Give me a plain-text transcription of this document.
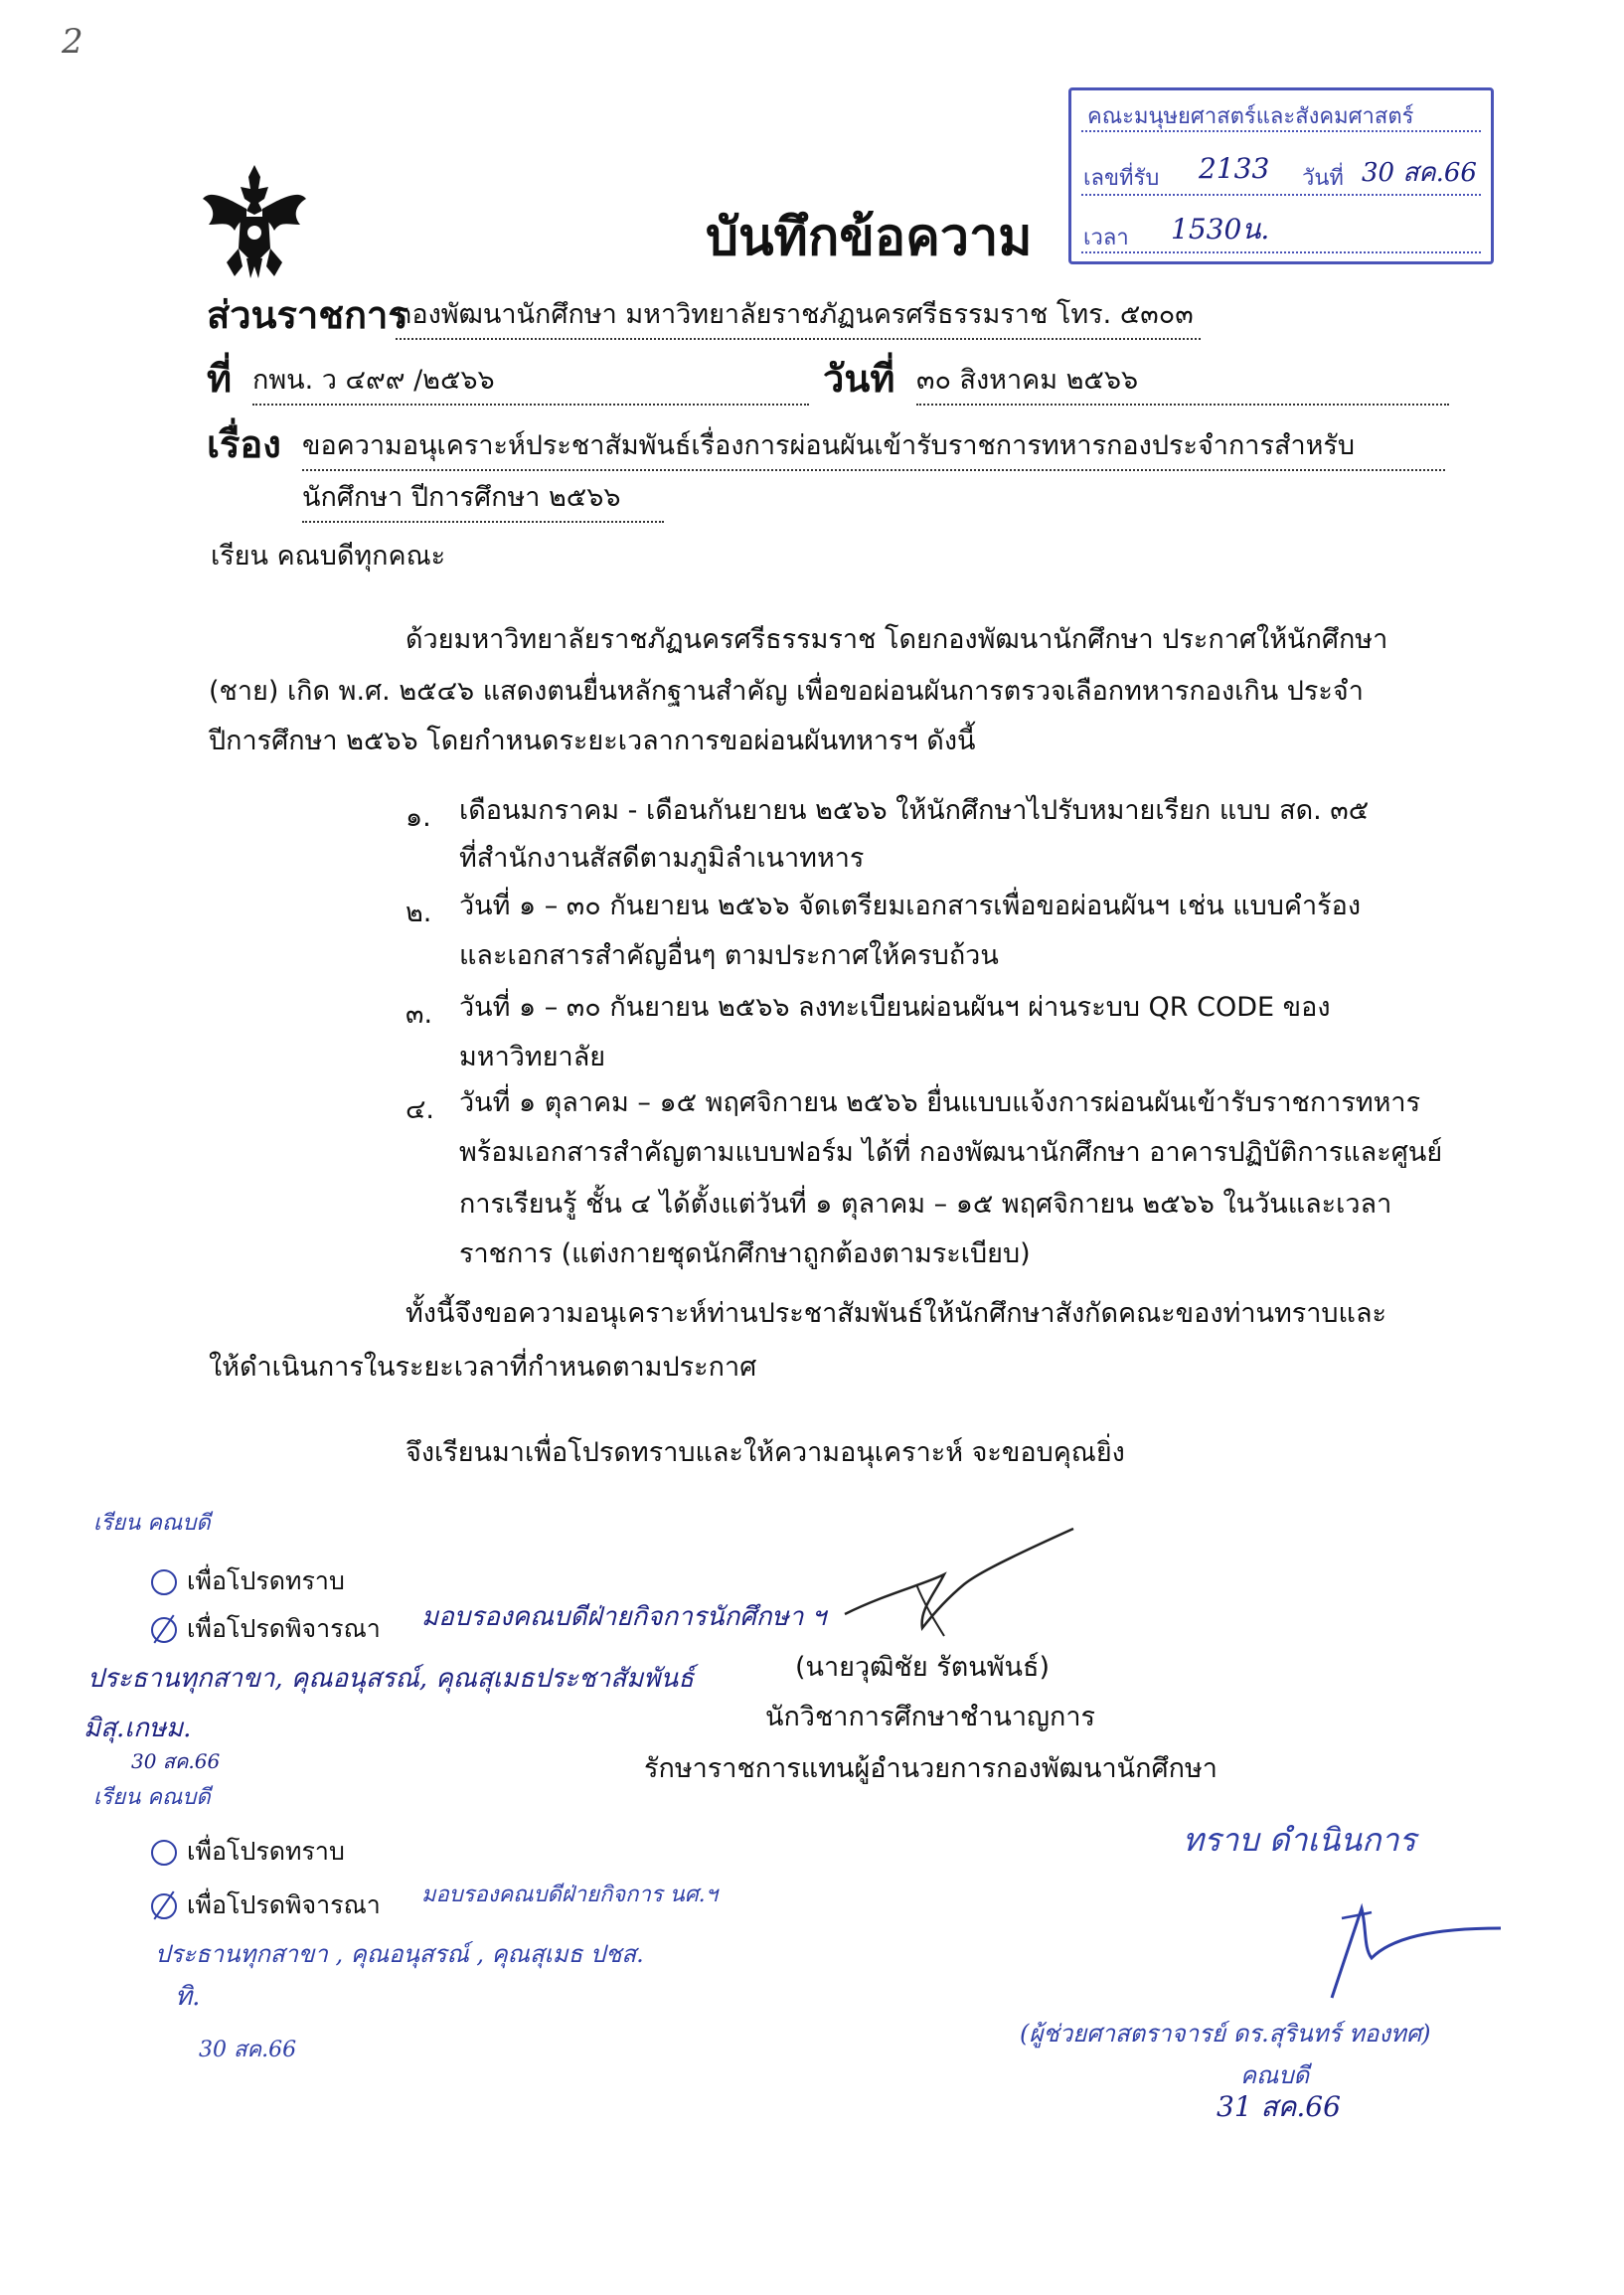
2
คณะมนุษยศาสตร์และสังคมศาสตร์
เลขที่รับ 2133 วันที่ 30 สค.66
เวลา 1530น.
บันทึกข้อความ
ส่วนราชการ
กองพัฒนานักศึกษา มหาวิทยาลัยราชภัฏนครศรีธรรมราช โทร. ๕๓๐๓
ที่ กพน. ว ๔๙๙ /๒๕๖๖	วันที่ ๓๐ สิงหาคม ๒๕๖๖
เรื่อง ขอความอนุเคราะห์ประชาสัมพันธ์เรื่องการผ่อนผันเข้ารับราชการทหารกองประจำการสำหรับ
นักศึกษา ปีการศึกษา ๒๕๖๖
เรียน คณบดีทุกคณะ
ด้วยมหาวิทยาลัยราชภัฏนครศรีธรรมราช โดยกองพัฒนานักศึกษา ประกาศให้นักศึกษา
(ชาย) เกิด พ.ศ. ๒๕๔๖ แสดงตนยื่นหลักฐานสำคัญ เพื่อขอผ่อนผันการตรวจเลือกทหารกองเกิน ประจำ
ปีการศึกษา ๒๕๖๖ โดยกำหนดระยะเวลาการขอผ่อนผันทหารฯ ดังนี้
๑. เดือนมกราคม - เดือนกันยายน ๒๕๖๖ ให้นักศึกษาไปรับหมายเรียก แบบ สด. ๓๕
ที่สำนักงานสัสดีตามภูมิลำเนาทหาร
๒. วันที่ ๑ – ๓๐ กันยายน ๒๕๖๖ จัดเตรียมเอกสารเพื่อขอผ่อนผันฯ เช่น แบบคำร้อง
และเอกสารสำคัญอื่นๆ ตามประกาศให้ครบถ้วน
๓. วันที่ ๑ – ๓๐ กันยายน ๒๕๖๖ ลงทะเบียนผ่อนผันฯ ผ่านระบบ QR CODE ของ
มหาวิทยาลัย
๔. วันที่ ๑ ตุลาคม – ๑๕ พฤศจิกายน ๒๕๖๖ ยื่นแบบแจ้งการผ่อนผันเข้ารับราชการทหาร
พร้อมเอกสารสำคัญตามแบบฟอร์ม ได้ที่ กองพัฒนานักศึกษา อาคารปฏิบัติการและศูนย์
การเรียนรู้ ชั้น ๔ ได้ตั้งแต่วันที่ ๑ ตุลาคม – ๑๕ พฤศจิกายน ๒๕๖๖ ในวันและเวลา
ราชการ (แต่งกายชุดนักศึกษาถูกต้องตามระเบียบ)
ทั้งนี้จึงขอความอนุเคราะห์ท่านประชาสัมพันธ์ให้นักศึกษาสังกัดคณะของท่านทราบและ
ให้ดำเนินการในระยะเวลาที่กำหนดตามประกาศ
จึงเรียนมาเพื่อโปรดทราบและให้ความอนุเคราะห์ จะขอบคุณยิ่ง
เรียน คณบดี
เพื่อโปรดทราบ
เพื่อโปรดพิจารณา มอบรองคณบดีฝ่ายกิจการนักศึกษา ฯ
ประธานทุกสาขา, คุณอนุสรณ์, คุณสุเมธประชาสัมพันธ์
มิสุ.เกษม.
30 สค.66
(นายวุฒิชัย รัตนพันธ์)
นักวิชาการศึกษาชำนาญการ
รักษาราชการแทนผู้อำนวยการกองพัฒนานักศึกษา
เรียน คณบดี
เพื่อโปรดทราบ
เพื่อโปรดพิจารณา มอบรองคณบดีฝ่ายกิจการ นศ.ฯ
ประธานทุกสาขา , คุณอนุสรณ์ , คุณสุเมธ ปชส.
ทิ.
30 สค.66
ทราบ ดำเนินการ
(ผู้ช่วยศาสตราจารย์ ดร.สุรินทร์ ทองทศ)
คณบดี
31 สค.66
